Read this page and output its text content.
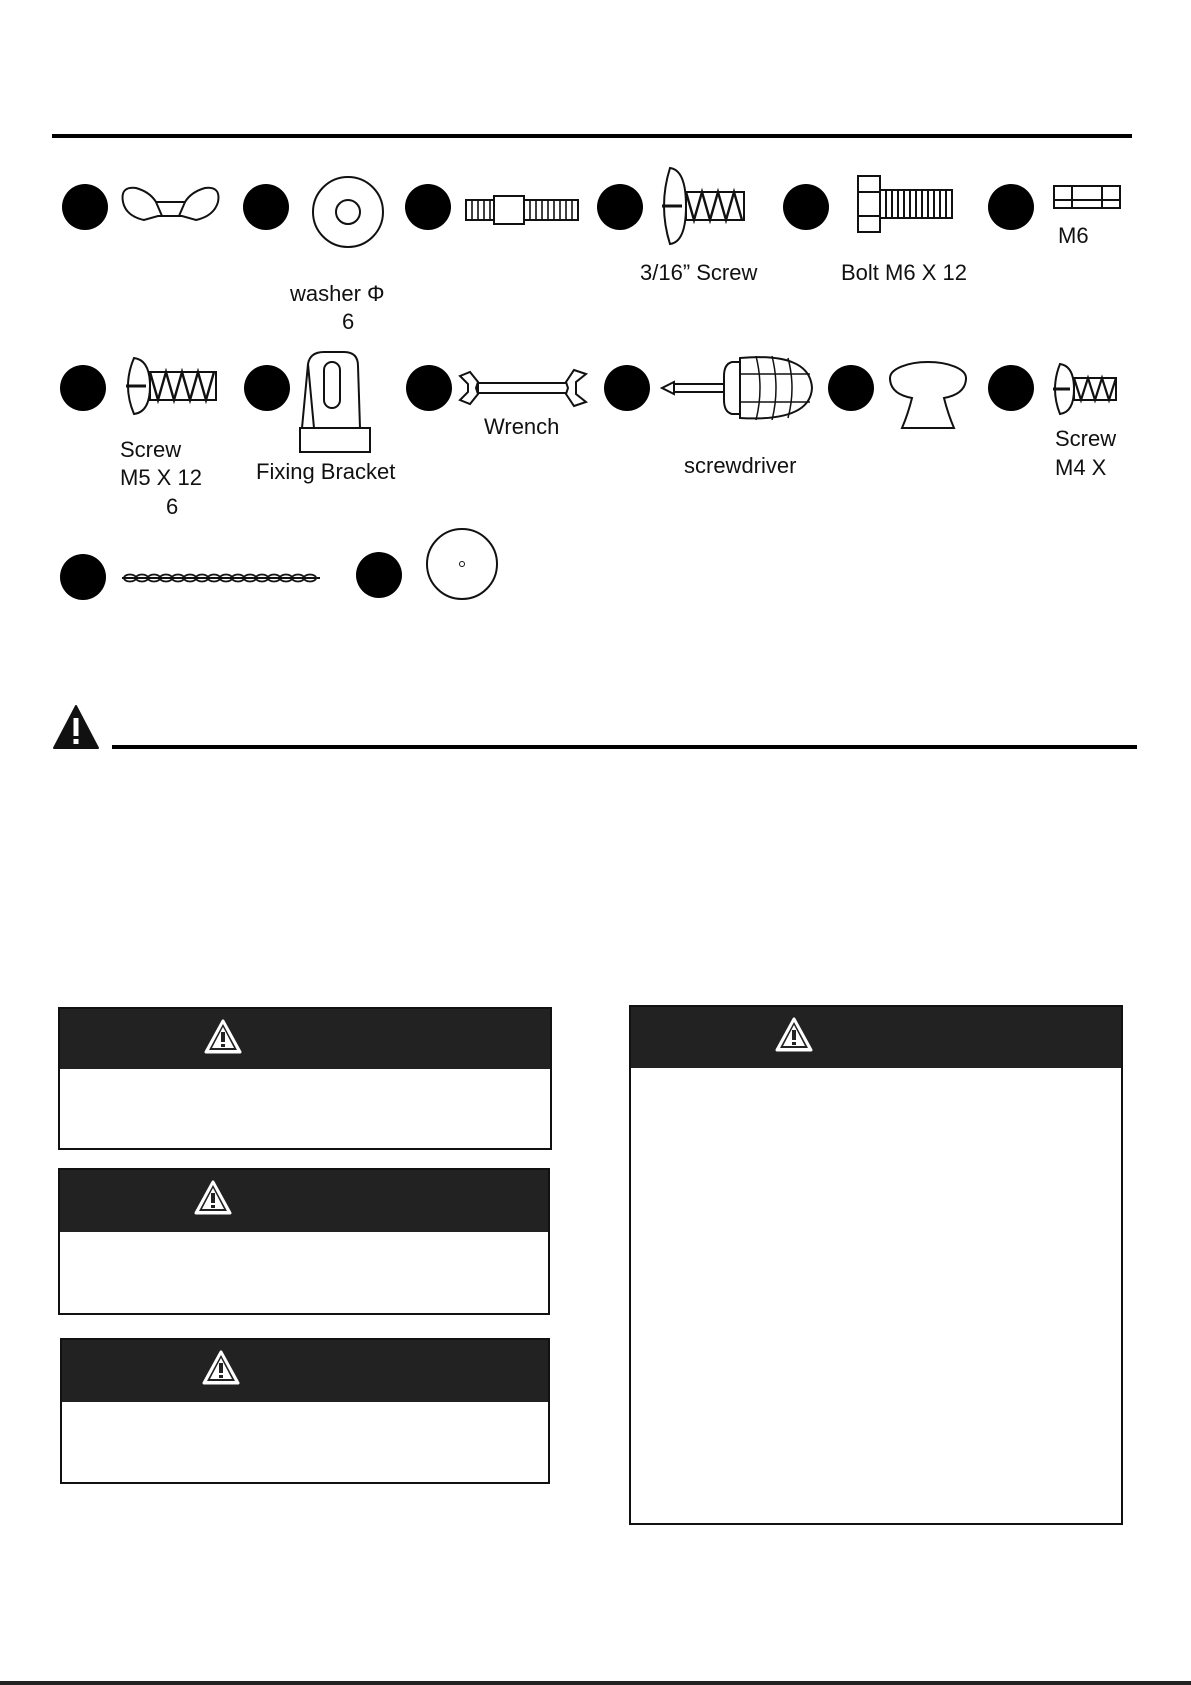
washer Φ
6
3/16” Screw	Bolt M6 X 12
M6
Screw
M5 X 12
6
Fixing Bracket
Wrench
screwdriver
Screw
M4 X
